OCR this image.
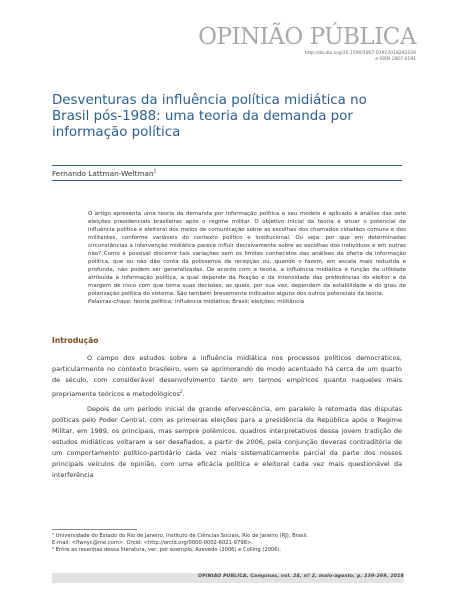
OPINIÃO PÚBLICA
http://dx.doi.org/10.1590/1807-01912018242239
e-ISSN 1807-0191
Desventuras da influência política midiática no Brasil pós-1988: uma teoria da demanda por informação política
Fernando Lattman-Weltman$^1$
O artigo apresenta uma teoria da demanda por informação política e seu modelo é aplicado à análise das sete eleições presidenciais brasileiras após o regime militar. O objetivo inicial da teoria é situar o potencial de influência política e eleitoral dos meios de comunicação sobre as escolhas dos chamados cidadãos comuns e dos militantes, conforme variáveis do contexto político e institucional. Ou seja: por que em determinadas circunstâncias a intervenção midiática parece influir decisivamente sobre as escolhas dos indivíduos e em outras não? Como é possível discernir tais variações sem os limites conhecidos das análises da oferta da informação política, que ou não dão conta da polissemia da recepção ou, quando o fazem, em escala mais reduzida e profunda, não podem ser generalizadas. De acordo com a teoria, a influência midiática é função da utilidade atribuída à informação política, a qual depende da fixação e da intensidade das preferências do eleitor e da margem de risco com que toma suas decisões, as quais, por sua vez, dependem da estabilidade e do grau de polarização política do sistema. São também brevemente indicados alguns dos outros potenciais da teoria.
Palavras-chave: teoria política; influência midiática; Brasil; eleições; militância
Introdução

O campo dos estudos sobre a influência midiática nos processos políticos democráticos, particularmente no contexto brasileiro, vem se aprimorando de modo acentuado há cerca de um quarto de século, com considerável desenvolvimento tanto em termos empíricos quanto naqueles mais propriamente teóricos e metodológicos$^2$.

Depois de um período inicial de grande efervescência, em paralelo à retomada das disputas políticas pelo Poder Central, com as primeiras eleições para a presidência da República após o Regime Militar, em 1989, os principais, mas sempre polêmicos, quadros interpretativos dessa jovem tradição de estudos midiáticos voltaram a ser desafiados, a partir de 2006, pela conjunção deveras contraditória de um comportamento político-partidário cada vez mais sistematicamente parcial da parte dos nossos principais veículos de opinião, com uma eficácia política e eleitoral cada vez mais questionável da interferência

¹ Universidade do Estado do Rio de Janeiro, Instituto de Ciências Sociais, Rio de Janeiro (RJ), Brasil.
E-mail: <flwnyc@me.com>. Orcid: <http://orcid.org/0000-0002-6021-9798>.
² Entre as resenhas dessa literatura, ver, por exemplo, Azevedo (2006) e Colling (2006).
OPINIÃO PÚBLICA, Campinas, vol. 24, nº 2, maio-agosto, p. 239-269, 2018
